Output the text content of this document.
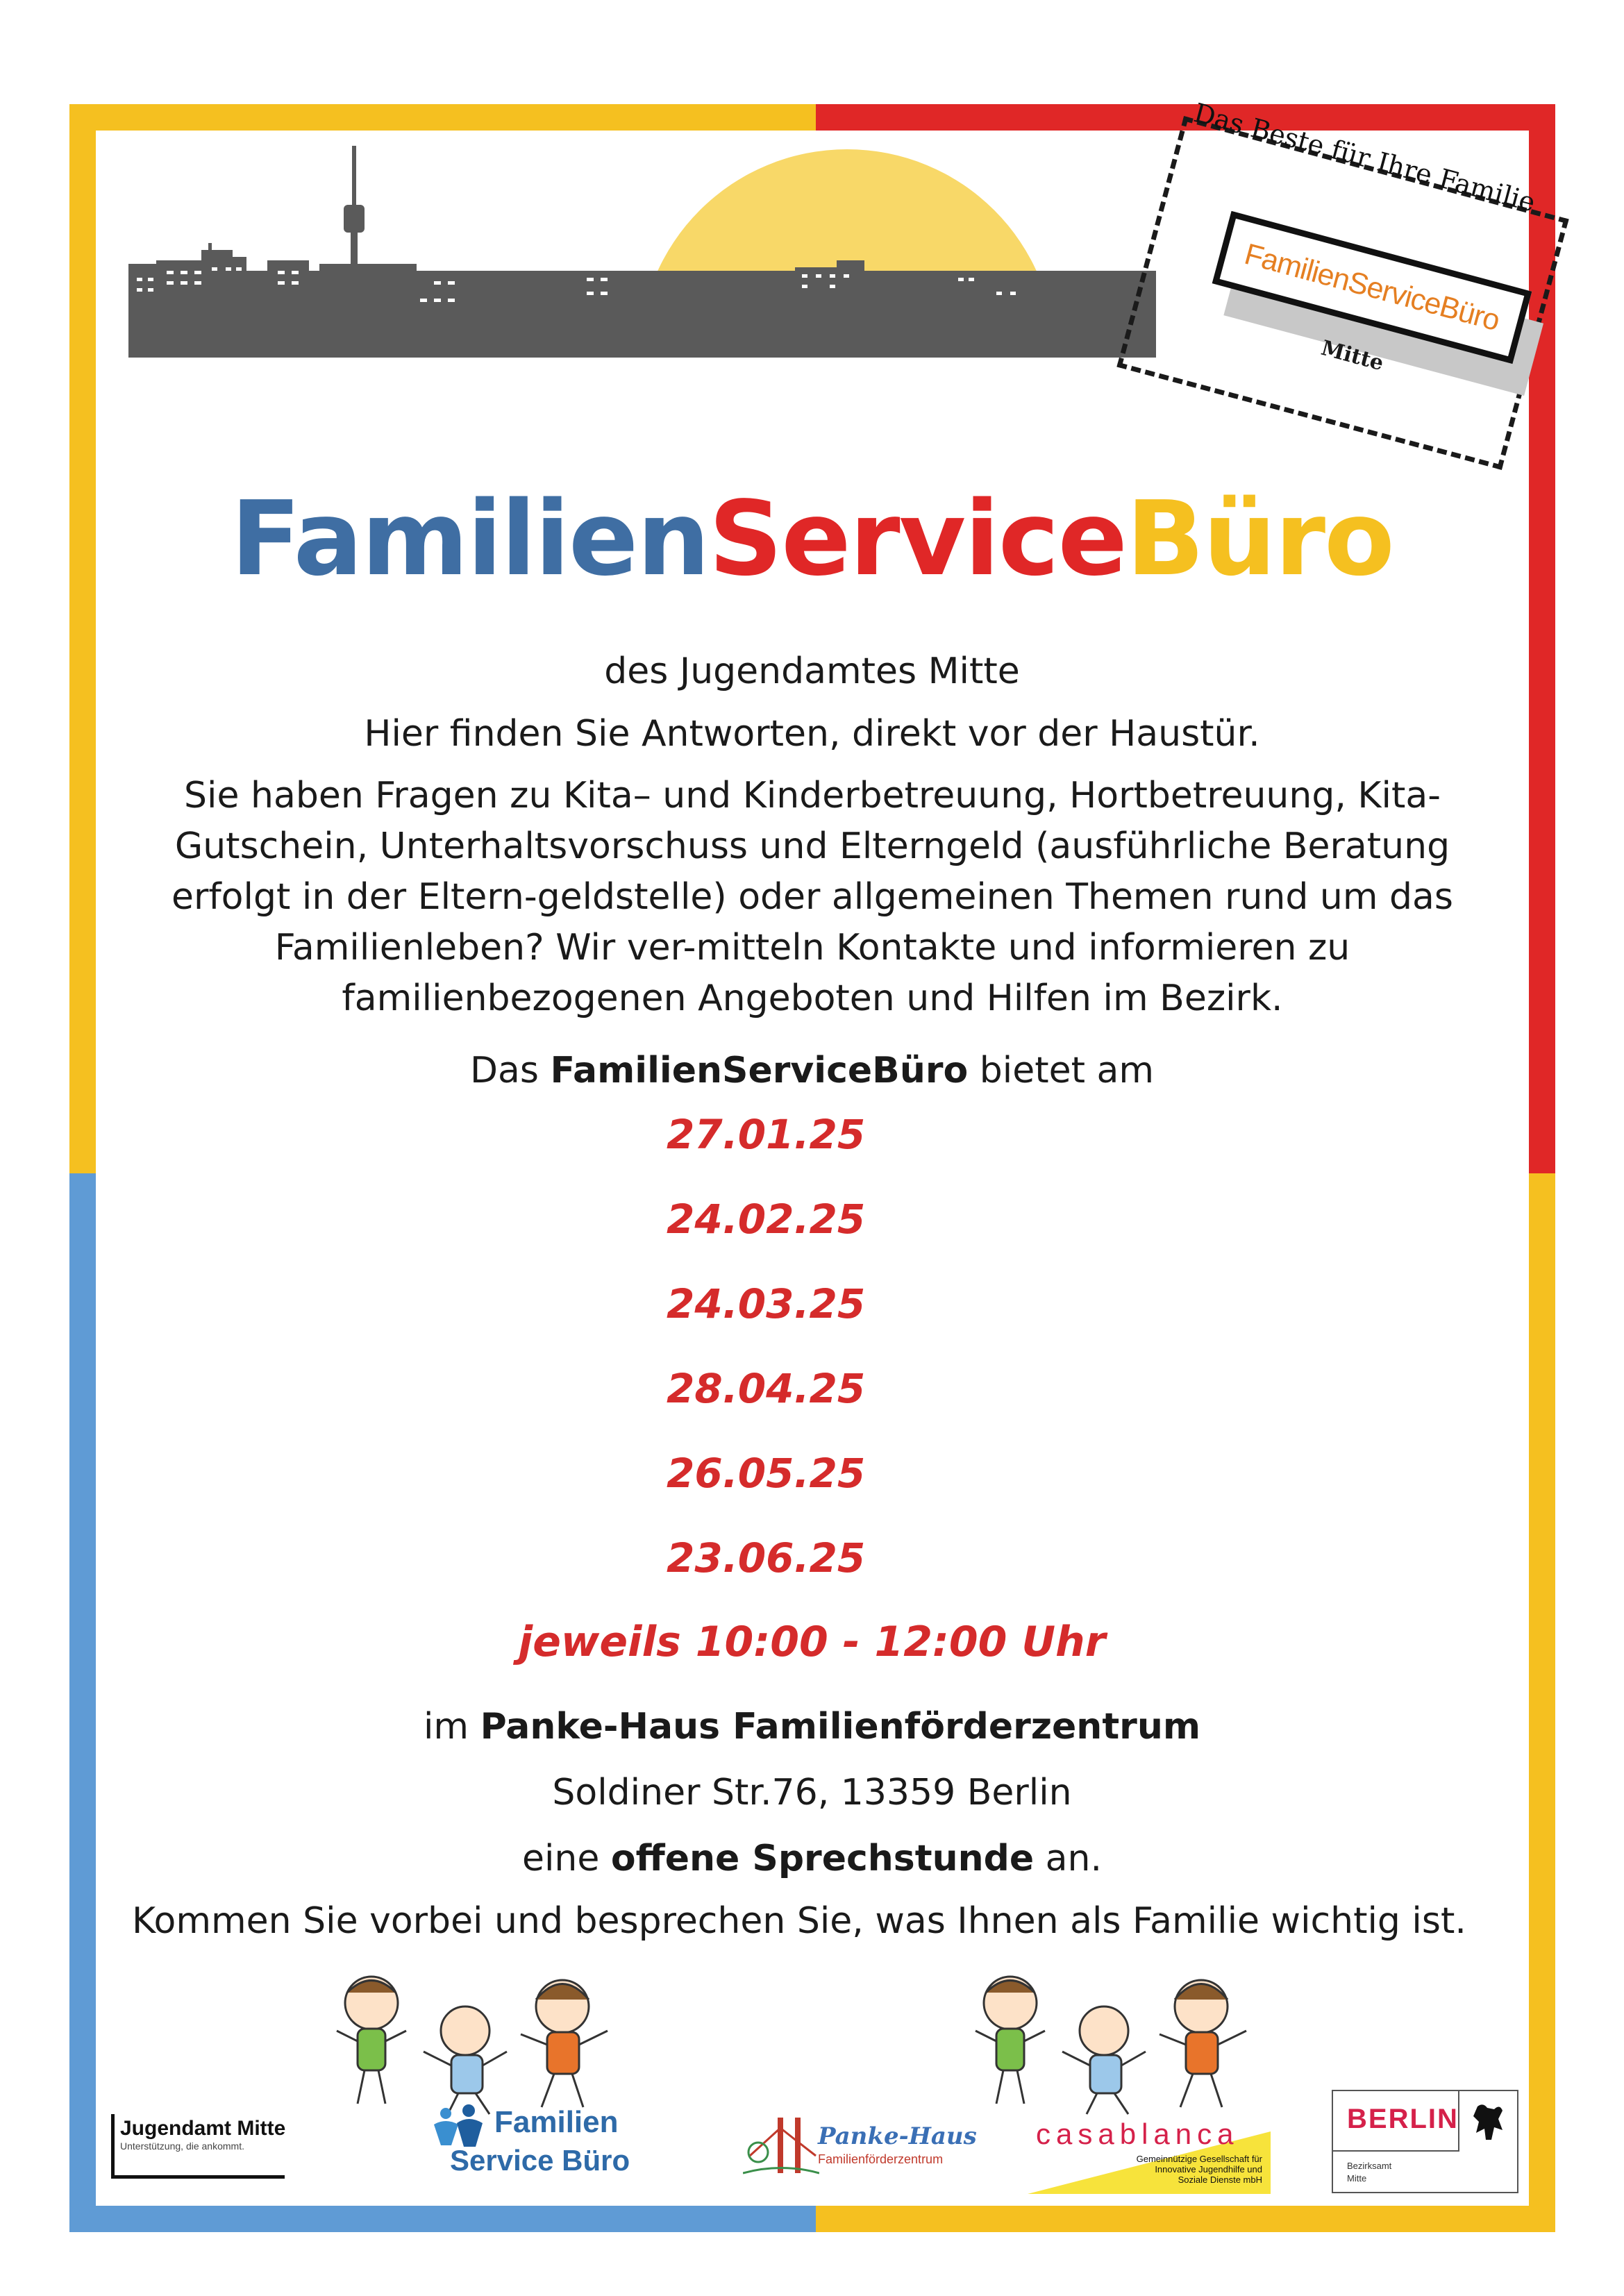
Das Beste für Ihre Familie
FamilienServiceBüro
Mitte
FamilienServiceBüro
des Jugendamtes Mitte
Hier finden Sie Antworten, direkt vor der Haustür.
Sie haben Fragen zu Kita– und Kinderbetreuung, Hortbetreuung, Kita-Gutschein, Unterhaltsvorschuss und Elterngeld (ausführliche Beratung erfolgt in der Eltern-geldstelle) oder allgemeinen Themen rund um das Familienleben? Wir ver-mitteln Kontakte und informieren zu familienbezogenen Angeboten und Hilfen im Bezirk.
Das FamilienServiceBüro bietet am
27.01.25
24.02.25
24.03.25
28.04.25
26.05.25
23.06.25
jeweils 10:00 - 12:00 Uhr
im Panke-Haus Familienförderzentrum
Soldiner Str.76, 13359 Berlin
eine offene Sprechstunde an.
Kommen Sie vorbei und besprechen Sie, was Ihnen als Familie wichtig ist.
Jugendamt Mitte
Unterstützung, die ankommt.
Familien
Service Büro
Panke-Haus
Familienförderzentrum
casablanca
Gemeinnützige Gesellschaft für
Innovative Jugendhilfe und
Soziale Dienste mbH
BERLIN
Bezirksamt
Mitte
